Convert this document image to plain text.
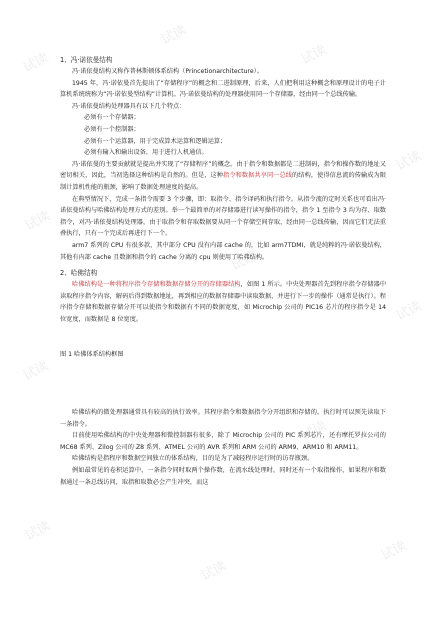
试读
试读
试读
试读
试读
试读
试读
试读
试读	试读
试读
试读
试读

1、冯·诺依曼结构

冯·诺依曼结构又称作普林斯顿体系结构（Princetionarchitecture）。

1945 年，冯·诺依曼首先提出了“存储程序”的概念和二进制原理，后来，人们把利用这种概念和原理设计的电子计算机系统统称为“冯·诺依曼型结构”计算机。冯·诺依曼结构的处理器使用同一个存储器，经由同一个总线传输。

冯·诺依曼结构处理器具有以下几个特点：

必须有一个存储器；

必须有一个控制器；

必须有一个运算器，用于完成算术运算和逻辑运算；

必须有输入和输出设备，用于进行人机通信。

冯·诺依曼的主要贡献就是提出并实现了“存储程序”的概念。由于指令和数据都是二进制码，指令和操作数的地址又密切相关，因此，当初选择这种结构是自然的。但是，这种指令和数据共享同一总线的结构，使得信息流的传输成为限制计算机性能的瓶颈，影响了数据处理速度的提高。

在典型情况下，完成一条指令需要 3 个步骤，即：取指令、指令译码和执行指令。从指令流的定时关系也可看出冯·诺依曼结构与哈佛结构处理方式的差别。举一个最简单的对存储器进行读写操作的指令，指令 1 至指令 3 均为存、取数指令，对冯·诺依曼结构处理器，由于取指令和存取数据要从同一个存储空间存取，经由同一总线传输，因而它们无法重叠执行，只有一个完成后再进行下一个。

arm7 系列的 CPU 有很多款，其中部分 CPU 没有内部 cache 的，比如 arm7TDMI，就是纯粹的冯·诺依曼结构，其他有内部 cache 且数据和指令的 cache 分离的 cpu 则使用了哈弗结构。

2、哈佛结构

哈佛结构是一种将程序指令存储和数据存储分开的存储器结构，如图 1 所示。中央处理器首先到程序指令存储器中读取程序指令内容，解码后得到数据地址，再到相应的数据存储器中读取数据，并进行下一步的操作（通常是执行）。程序指令存储和数据存储分开可以使指令和数据有不同的数据宽度，如 Microchip 公司的 PIC16 芯片的程序指令是 14 位宽度，而数据是 8 位宽度。

图 1 哈佛体系结构框图

哈佛结构的微处理器通常具有较高的执行效率。其程序指令和数据指令分开组织和存储的，执行时可以预先读取下一条指令。

目前使用哈佛结构的中央处理器和微控制器有很多，除了 Microchip 公司的 PIC 系列芯片，还有摩托罗拉公司的 MC68 系列、Zilog 公司的 Z8 系列、ATMEL 公司的 AVR 系列和 ARM 公司的 ARM9、ARM10 和 ARM11。

哈佛结构是指程序和数据空间独立的体系结构，目的是为了减轻程序运行时的访存瓶颈。

例如最常见的卷积运算中，一条指令同时取两个操作数，在流水线处理时，同时还有一个取指操作，如果程序和数据通过一条总线访问，取指和取数必会产生冲突，而这
